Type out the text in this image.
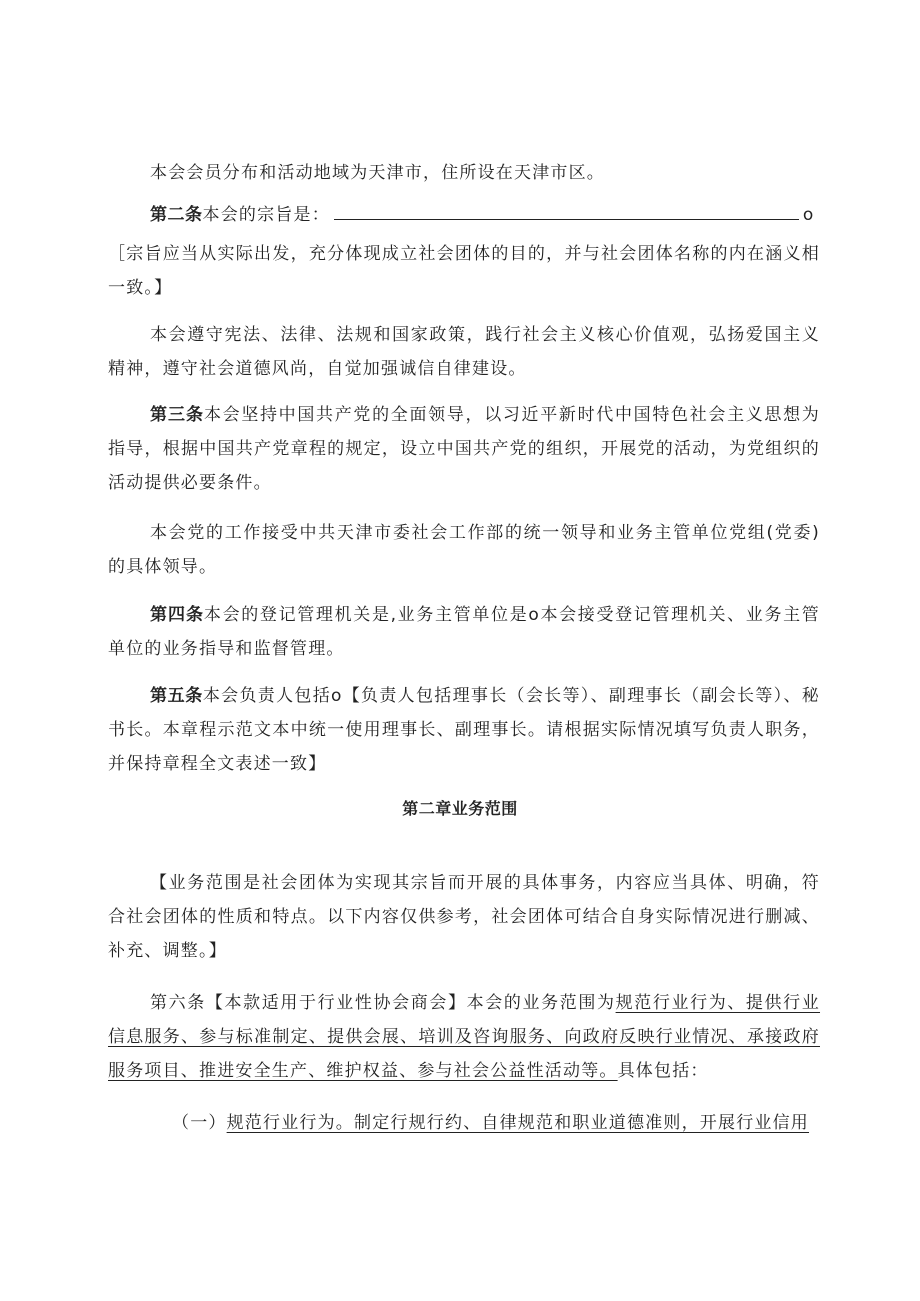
本会会员分布和活动地域为天津市，住所设在天津市区。

第二条本会的宗旨是：	o

［宗旨应当从实际出发，充分体现成立社会团体的目的，并与社会团体名称的内在涵义相一致。】

本会遵守宪法、法律、法规和国家政策，践行社会主义核心价值观，弘扬爱国主义精神，遵守社会道德风尚，自觉加强诚信自律建设。

第三条本会坚持中国共产党的全面领导，以习近平新时代中国特色社会主义思想为指导，根据中国共产党章程的规定，设立中国共产党的组织，开展党的活动，为党组织的活动提供必要条件。

本会党的工作接受中共天津市委社会工作部的统一领导和业务主管单位党组(党委)的具体领导。

第四条本会的登记管理机关是,业务主管单位是o本会接受登记管理机关、业务主管单位的业务指导和监督管理。

第五条本会负责人包括o【负责人包括理事长（会长等）、副理事长（副会长等）、秘书长。本章程示范文本中统一使用理事长、副理事长。请根据实际情况填写负责人职务，并保持章程全文表述一致】

第二章业务范围

【业务范围是社会团体为实现其宗旨而开展的具体事务，内容应当具体、明确，符合社会团体的性质和特点。以下内容仅供参考，社会团体可结合自身实际情况进行删减、补充、调整。】

第六条【本款适用于行业性协会商会】本会的业务范围为规范行业行为、提供行业信息服务、参与标准制定、提供会展、培训及咨询服务、向政府反映行业情况、承接政府服务项目、推进安全生产、维护权益、参与社会公益性活动等。具体包括：

（一）规范行业行为。制定行规行约、自律规范和职业道德准则，开展行业信用
